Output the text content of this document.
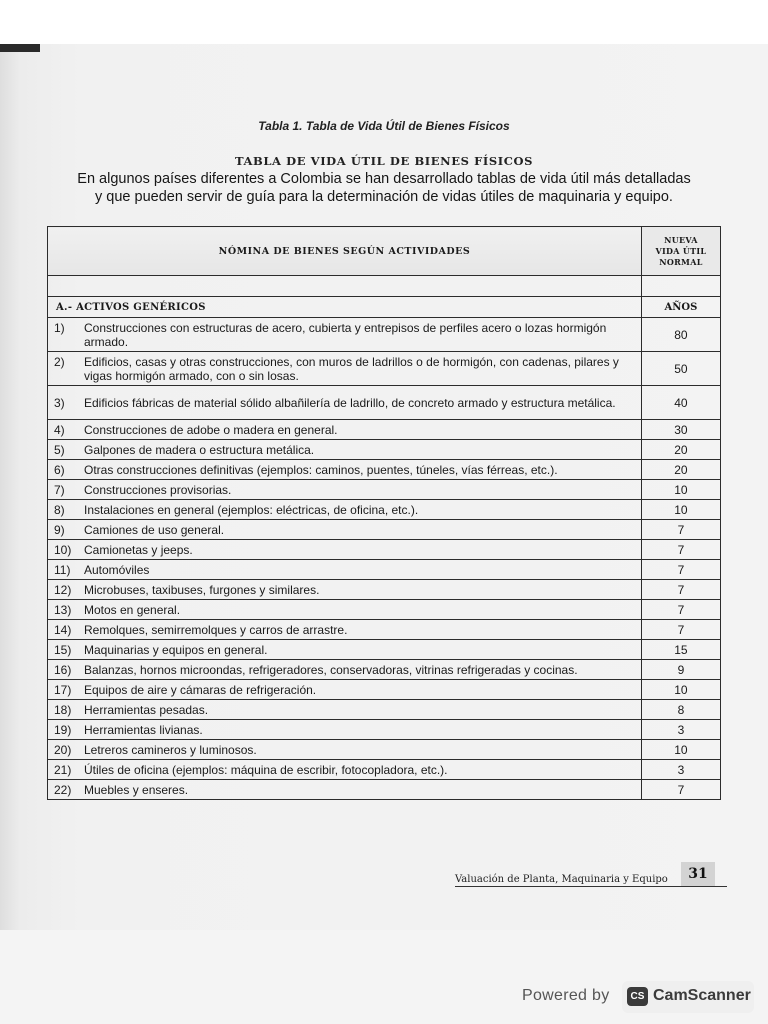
Tabla 1. Tabla de Vida Útil de Bienes Físicos
TABLA DE VIDA ÚTIL DE BIENES FÍSICOS
En algunos países diferentes a Colombia se han desarrollado tablas de vida útil más detalladas
y que pueden servir de guía para la determinación de vidas útiles de maquinaria y equipo.
NÓMINA DE BIENES SEGÚN ACTIVIDADES	NUEVA
VIDA ÚTIL
NORMAL

A.- ACTIVOS GENÉRICOS	AÑOS

1) Construcciones con estructuras de acero, cubierta y entrepisos de perfiles acero o lozas hormigón armado.	80

2) Edificios, casas y otras construcciones, con muros de ladrillos o de hormigón, con cadenas, pilares y vigas hormigón armado, con o sin losas.	50

3) Edificios fábricas de material sólido albañilería de ladrillo, de concreto armado y estructura metálica.	40

4) Construcciones de adobe o madera en general.	30

5) Galpones de madera o estructura metálica.	20

6) Otras construcciones definitivas (ejemplos: caminos, puentes, túneles, vías férreas, etc.).	20

7) Construcciones provisorias.	10

8) Instalaciones en general (ejemplos: eléctricas, de oficina, etc.).	10

9) Camiones de uso general.	7

10) Camionetas y jeeps.	7

11) Automóviles	7

12) Microbuses, taxibuses, furgones y similares.	7

13) Motos en general.	7

14) Remolques, semirremolques y carros de arrastre.	7

15) Maquinarias y equipos en general.	15

16) Balanzas, hornos microondas, refrigeradores, conservadoras, vitrinas refrigeradas y cocinas.	9

17) Equipos de aire y cámaras de refrigeración.	10

18) Herramientas pesadas.	8

19) Herramientas livianas.	3

20) Letreros camineros y luminosos.	10

21) Útiles de oficina (ejemplos: máquina de escribir, fotocopladora, etc.).	3

22) Muebles y enseres.	7
31
Valuación de Planta, Maquinaria y Equipo
Powered by	CS CamScanner
